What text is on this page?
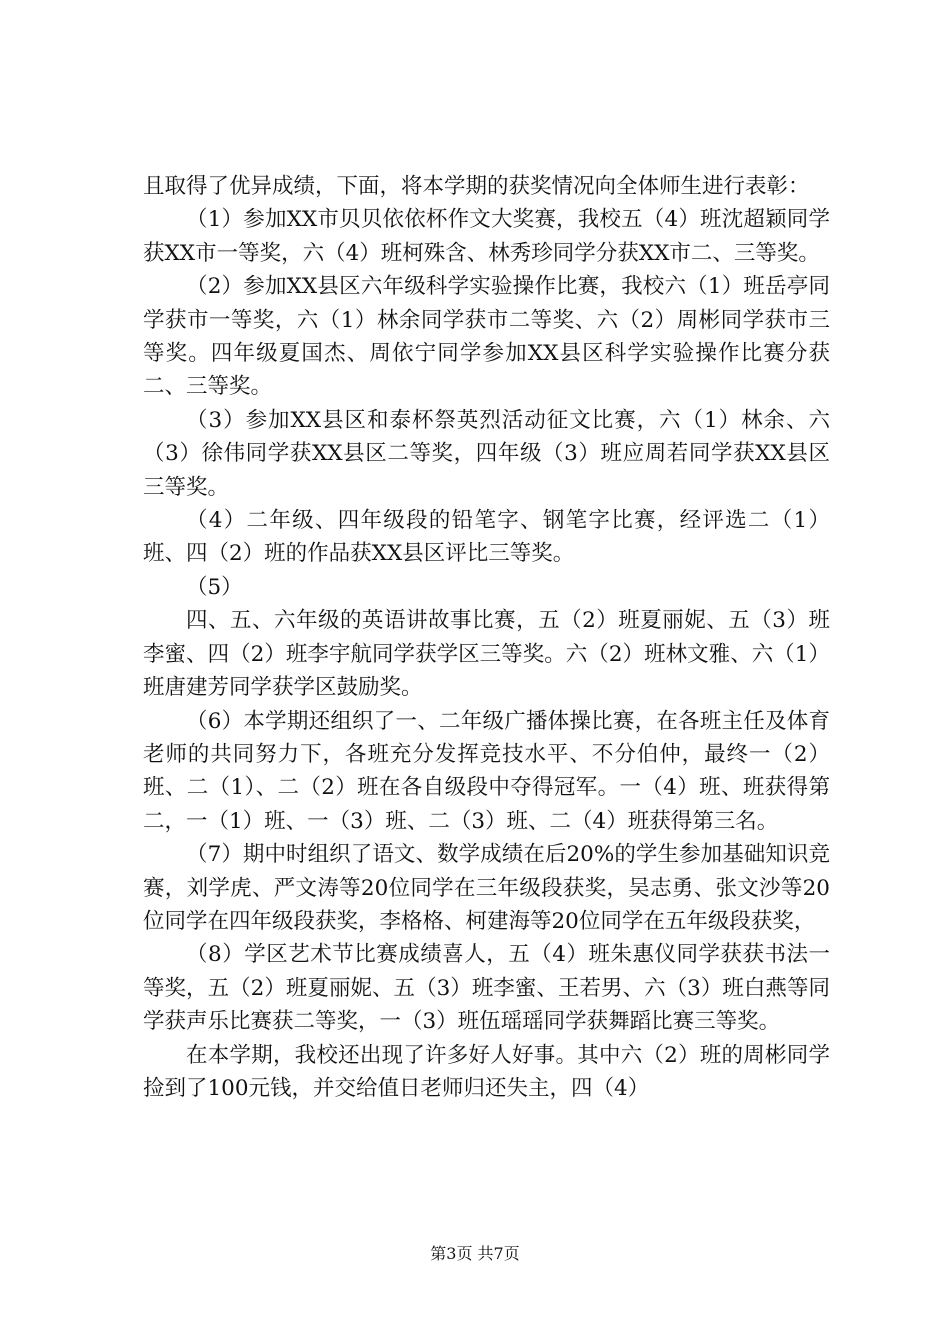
且取得了优异成绩，下面，将本学期的获奖情况向全体师生进行表彰：

（1）参加XX市贝贝依依杯作文大奖赛，我校五（4）班沈超颖同学获XX市一等奖，六（4）班柯殊含、林秀珍同学分获XX市二、三等奖。

（2）参加XX县区六年级科学实验操作比赛，我校六（1）班岳亭同学获市一等奖，六（1）林余同学获市二等奖、六（2）周彬同学获市三等奖。四年级夏国杰、周依宁同学参加XX县区科学实验操作比赛分获二、三等奖。

（3）参加XX县区和泰杯祭英烈活动征文比赛，六（1）林余、六（3）徐伟同学获XX县区二等奖，四年级（3）班应周若同学获XX县区三等奖。

（4）二年级、四年级段的铅笔字、钢笔字比赛，经评选二（1）班、四（2）班的作品获XX县区评比三等奖。

（5）

四、五、六年级的英语讲故事比赛，五（2）班夏丽妮、五（3）班李蜜、四（2）班李宇航同学获学区三等奖。六（2）班林文雅、六（1）班唐建芳同学获学区鼓励奖。

（6）本学期还组织了一、二年级广播体操比赛，在各班主任及体育老师的共同努力下，各班充分发挥竞技水平、不分伯仲，最终一（2）班、二（1）、二（2）班在各自级段中夺得冠军。一（4）班、班获得第二，一（1）班、一（3）班、二（3）班、二（4）班获得第三名。

（7）期中时组织了语文、数学成绩在后20%的学生参加基础知识竞赛，刘学虎、严文涛等20位同学在三年级段获奖，吴志勇、张文沙等20位同学在四年级段获奖，李格格、柯建海等20位同学在五年级段获奖，

（8）学区艺术节比赛成绩喜人，五（4）班朱惠仪同学获获书法一等奖，五（2）班夏丽妮、五（3）班李蜜、王若男、六（3）班白燕等同学获声乐比赛获二等奖，一（3）班伍瑶瑶同学获舞蹈比赛三等奖。

在本学期，我校还出现了许多好人好事。其中六（2）班的周彬同学捡到了100元钱，并交给值日老师归还失主，四（4）

第3页 共7页
